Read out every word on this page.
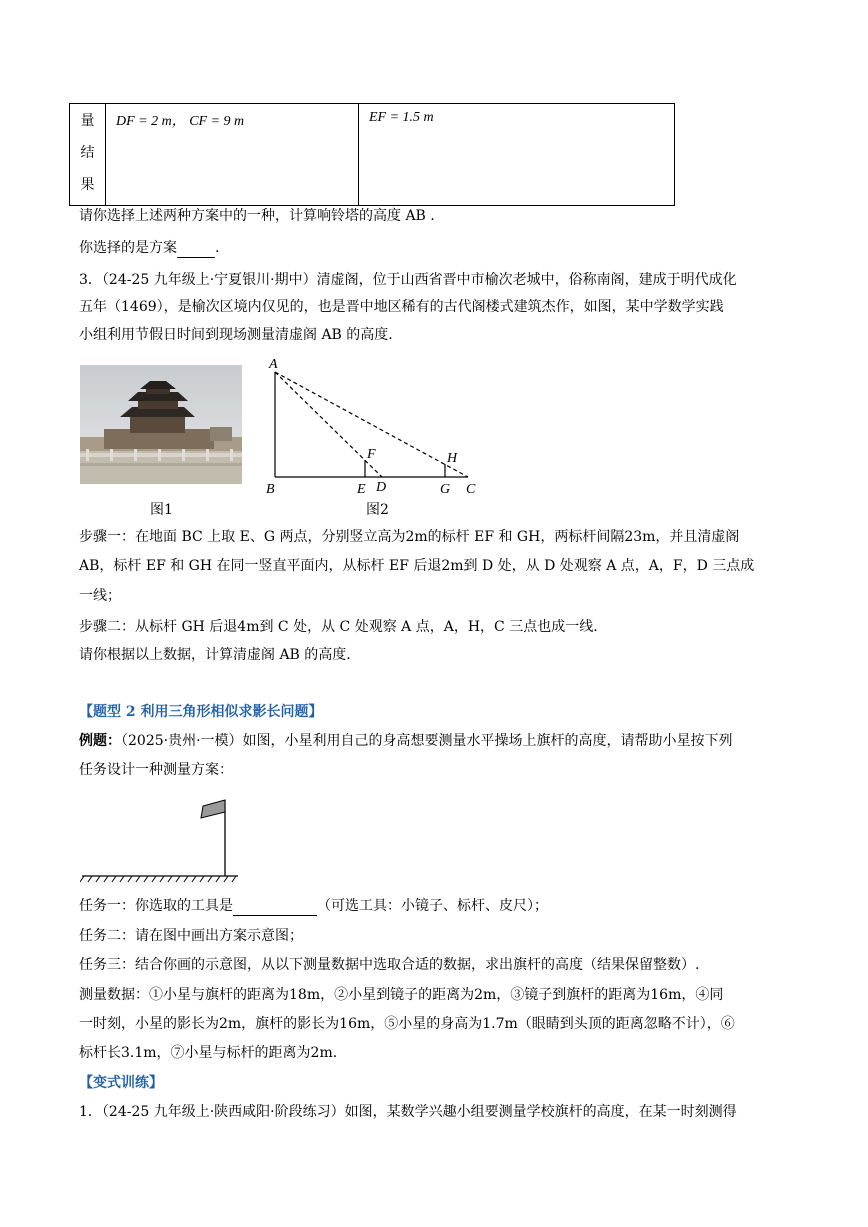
量
结
果

DF = 2 m， CF = 9 m	EF = 1.5 m
请你选择上述两种方案中的一种，计算响铃塔的高度 AB .
你选择的是方案	.
3．（24-25 九年级上·宁夏银川·期中）清虚阁，位于山西省晋中市榆次老城中，俗称南阁，建成于明代成化
五年（1469），是榆次区境内仅见的，也是晋中地区稀有的古代阁楼式建筑杰作，如图，某中学数学实践
小组利用节假日时间到现场测量清虚阁 AB 的高度.
图1
A
B	C
D
E
F
G
H
图2
步骤一：在地面 BC 上取 E、G 两点，分别竖立高为2m的标杆 EF 和 GH，两标杆间隔23m，并且清虚阁
AB，标杆 EF 和 GH 在同一竖直平面内，从标杆 EF 后退2m到 D 处，从 D 处观察 A 点，A，F，D 三点成
一线；
步骤二：从标杆 GH 后退4m到 C 处，从 C 处观察 A 点，A，H，C 三点也成一线.
请你根据以上数据，计算清虚阁 AB 的高度.
【题型 2 利用三角形相似求影长问题】
例题：（2025·贵州·一模）如图，小星利用自己的身高想要测量水平操场上旗杆的高度，请帮助小星按下列
任务设计一种测量方案：
任务一：你选取的工具是	（可选工具：小镜子、标杆、皮尺）；
任务二：请在图中画出方案示意图；
任务三：结合你画的示意图，从以下测量数据中选取合适的数据，求出旗杆的高度（结果保留整数）.
测量数据：①小星与旗杆的距离为18m，②小星到镜子的距离为2m，③镜子到旗杆的距离为16m，④同
一时刻，小星的影长为2m，旗杆的影长为16m，⑤小星的身高为1.7m（眼睛到头顶的距离忽略不计），⑥
标杆长3.1m，⑦小星与标杆的距离为2m.
【变式训练】
1．（24-25 九年级上·陕西咸阳·阶段练习）如图，某数学兴趣小组要测量学校旗杆的高度，在某一时刻测得
